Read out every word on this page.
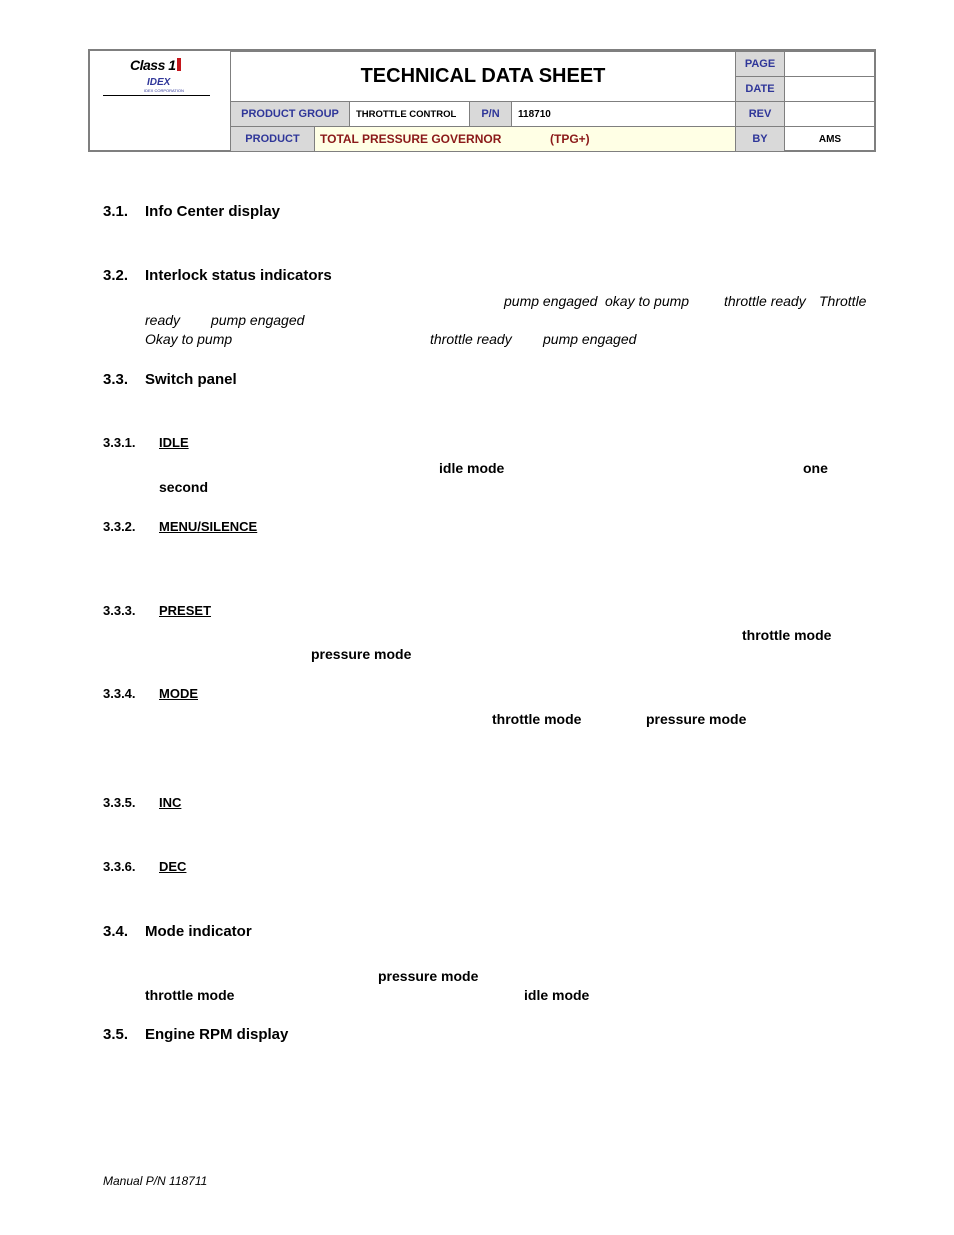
Class 1
IDEX
IDEX CORPORATION
TECHNICAL DATA SHEET
PAGE
DATE
PRODUCT GROUP THROTTLE CONTROL P/N 118710	REV
PRODUCT TOTAL PRESSURE GOVERNOR	(TPG+)	BY	AMS
3.1. Info Center display
3.2. Interlock status indicators
pump engaged okay to pump throttle ready Throttle
ready pump engaged
Okay to pump	throttle ready pump engaged
3.3. Switch panel
3.3.1. IDLE
idle mode	one
second
3.3.2. MENU/SILENCE
3.3.3. PRESET
throttle mode
pressure mode
3.3.4. MODE
throttle mode	pressure mode
3.3.5. INC
3.3.6. DEC
3.4. Mode indicator
pressure mode
throttle mode	idle mode
3.5. Engine RPM display
Manual P/N 118711
